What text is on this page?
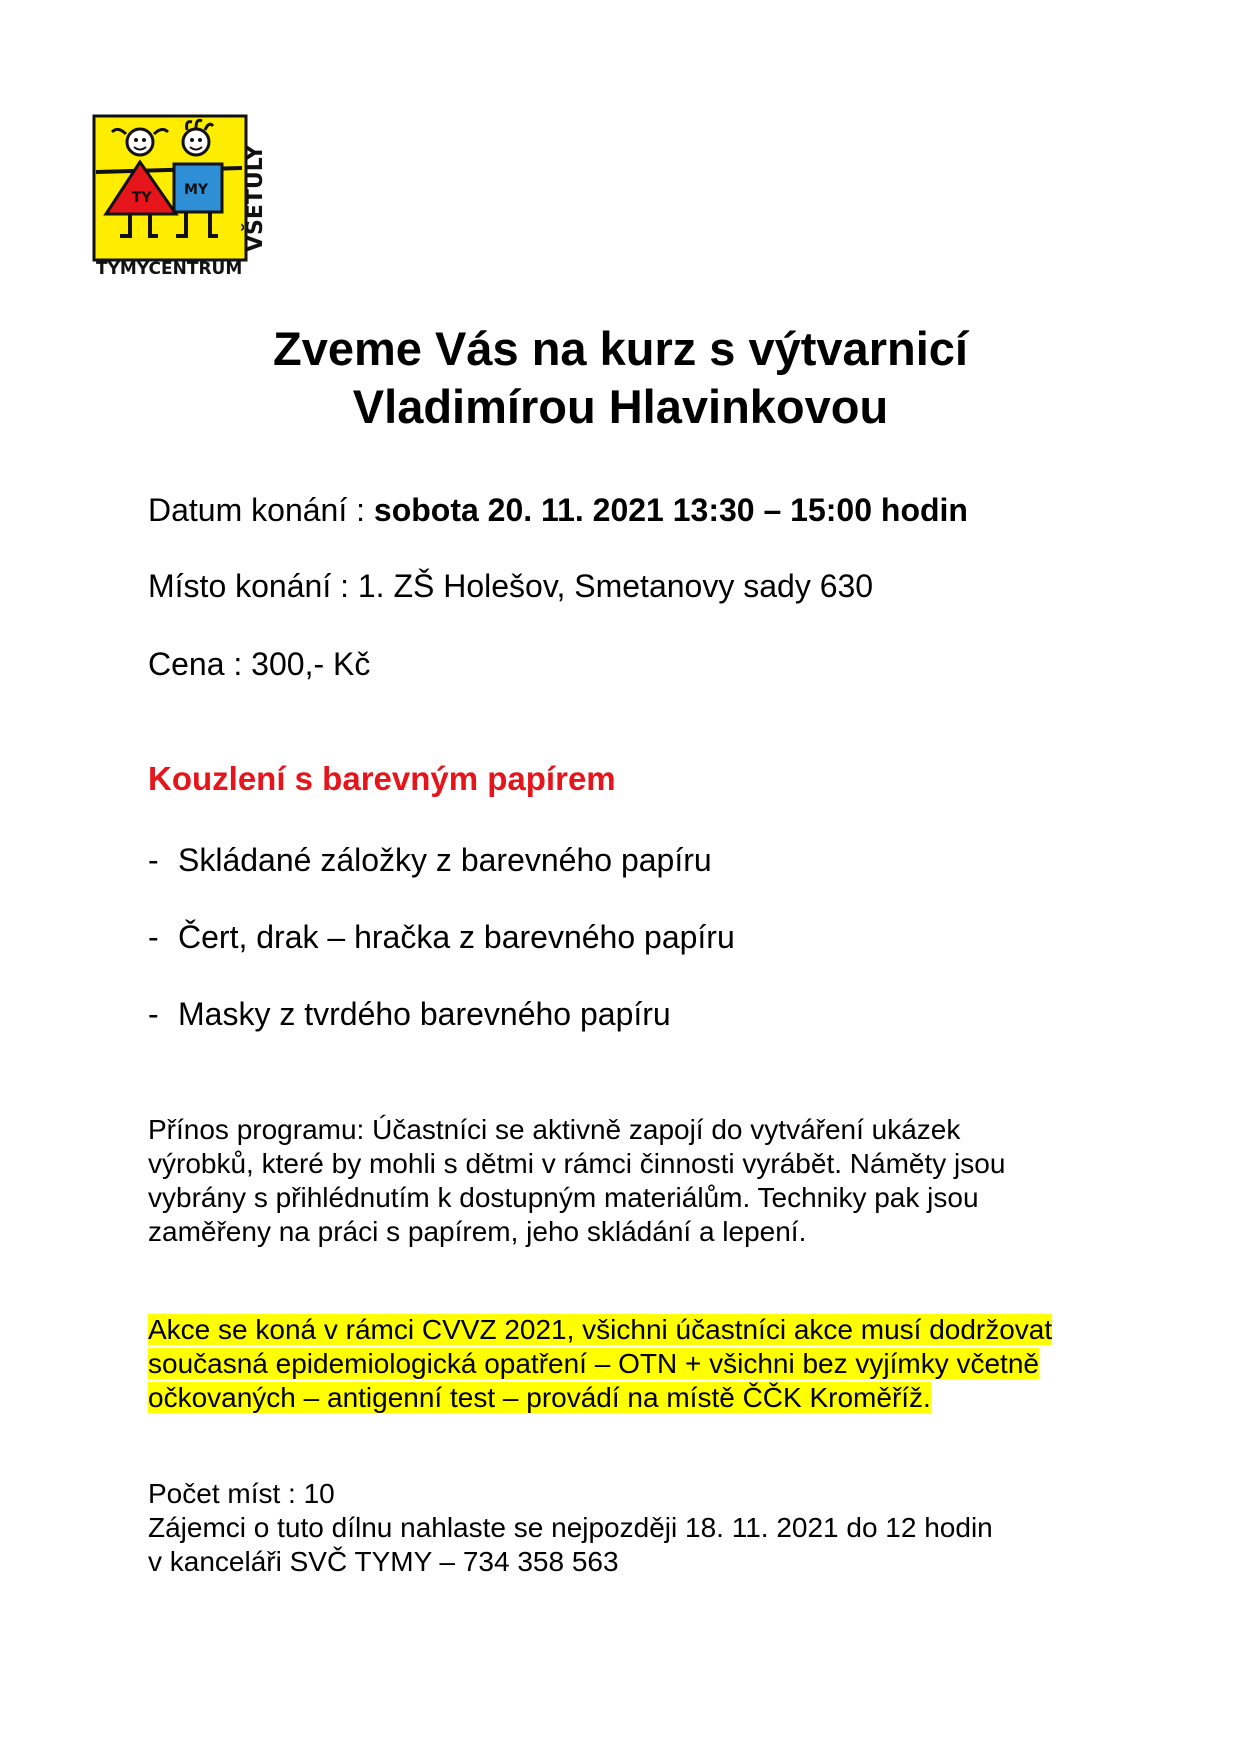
TY MY
TYMYCENTRUM
VŠETULY
Zveme Vás na kurz s výtvarnicí
Vladimírou Hlavinkovou
Datum konání : sobota 20. 11. 2021 13:30 – 15:00 hodin
Místo konání : 1. ZŠ Holešov, Smetanovy sady 630
Cena : 300,- Kč
Kouzlení s barevným papírem
- Skládané záložky z barevného papíru
- Čert, drak – hračka z barevného papíru
- Masky z tvrdého barevného papíru
Přínos programu: Účastníci se aktivně zapojí do vytváření ukázek
výrobků, které by mohli s dětmi v rámci činnosti vyrábět. Náměty jsou
vybrány s přihlédnutím k dostupným materiálům. Techniky pak jsou
zaměřeny na práci s papírem, jeho skládání a lepení.
Akce se koná v rámci CVVZ 2021, všichni účastníci akce musí dodržovat
současná epidemiologická opatření – OTN + všichni bez vyjímky včetně
očkovaných – antigenní test – provádí na místě ČČK Kroměříž.
Počet míst : 10
Zájemci o tuto dílnu nahlaste se nejpozději 18. 11. 2021 do 12 hodin
v kanceláři SVČ TYMY – 734 358 563
